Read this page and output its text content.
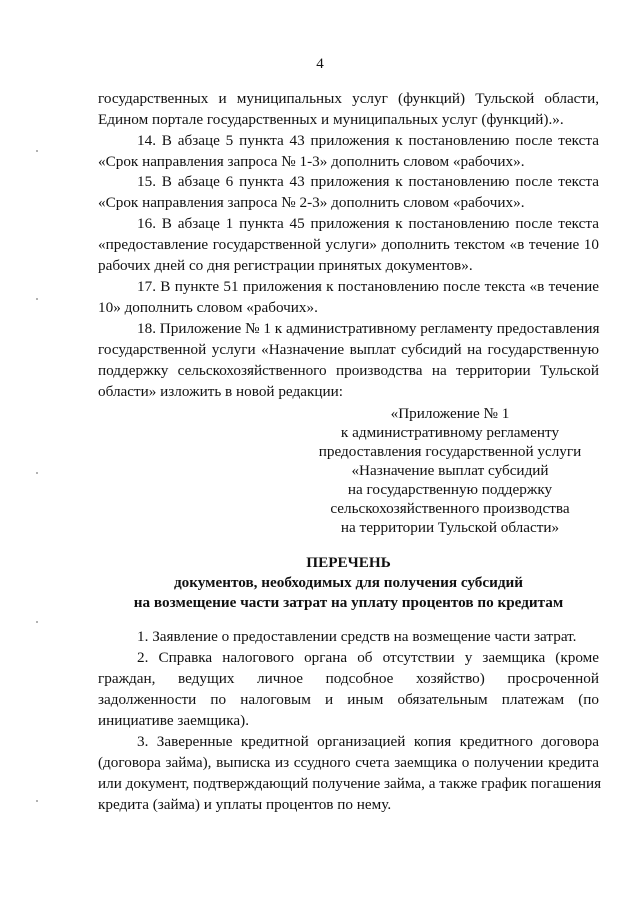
4
государственных и муниципальных услуг (функций) Тульской области,
Едином портале государственных и муниципальных услуг (функций).».
14. В абзаце 5 пункта 43 приложения к постановлению после текста
«Срок направления запроса № 1-3» дополнить словом «рабочих».
15. В абзаце 6 пункта 43 приложения к постановлению после текста
«Срок направления запроса № 2-3» дополнить словом «рабочих».
16. В абзаце 1 пункта 45 приложения к постановлению после текста
«предоставление государственной услуги» дополнить текстом «в течение 10
рабочих дней со дня регистрации принятых документов».
17. В пункте 51 приложения к постановлению после текста «в течение
10» дополнить словом «рабочих».
18. Приложение № 1 к административному регламенту предоставления
государственной услуги «Назначение выплат субсидий на государственную
поддержку сельскохозяйственного производства на территории Тульской
области» изложить в новой редакции:
«Приложение № 1
к административному регламенту
предоставления государственной услуги
«Назначение выплат субсидий
на государственную поддержку
сельскохозяйственного производства
на территории Тульской области»
ПЕРЕЧЕНЬ
документов, необходимых для получения субсидий
на возмещение части затрат на уплату процентов по кредитам
1. Заявление о предоставлении средств на возмещение части затрат.
2. Справка налогового органа об отсутствии у заемщика (кроме
граждан, ведущих личное подсобное хозяйство) просроченной
задолженности по налоговым и иным обязательным платежам (по
инициативе заемщика).
3. Заверенные кредитной организацией копия кредитного договора
(договора займа), выписка из ссудного счета заемщика о получении кредита
или документ, подтверждающий получение займа, а также график погашения
кредита (займа) и уплаты процентов по нему.
